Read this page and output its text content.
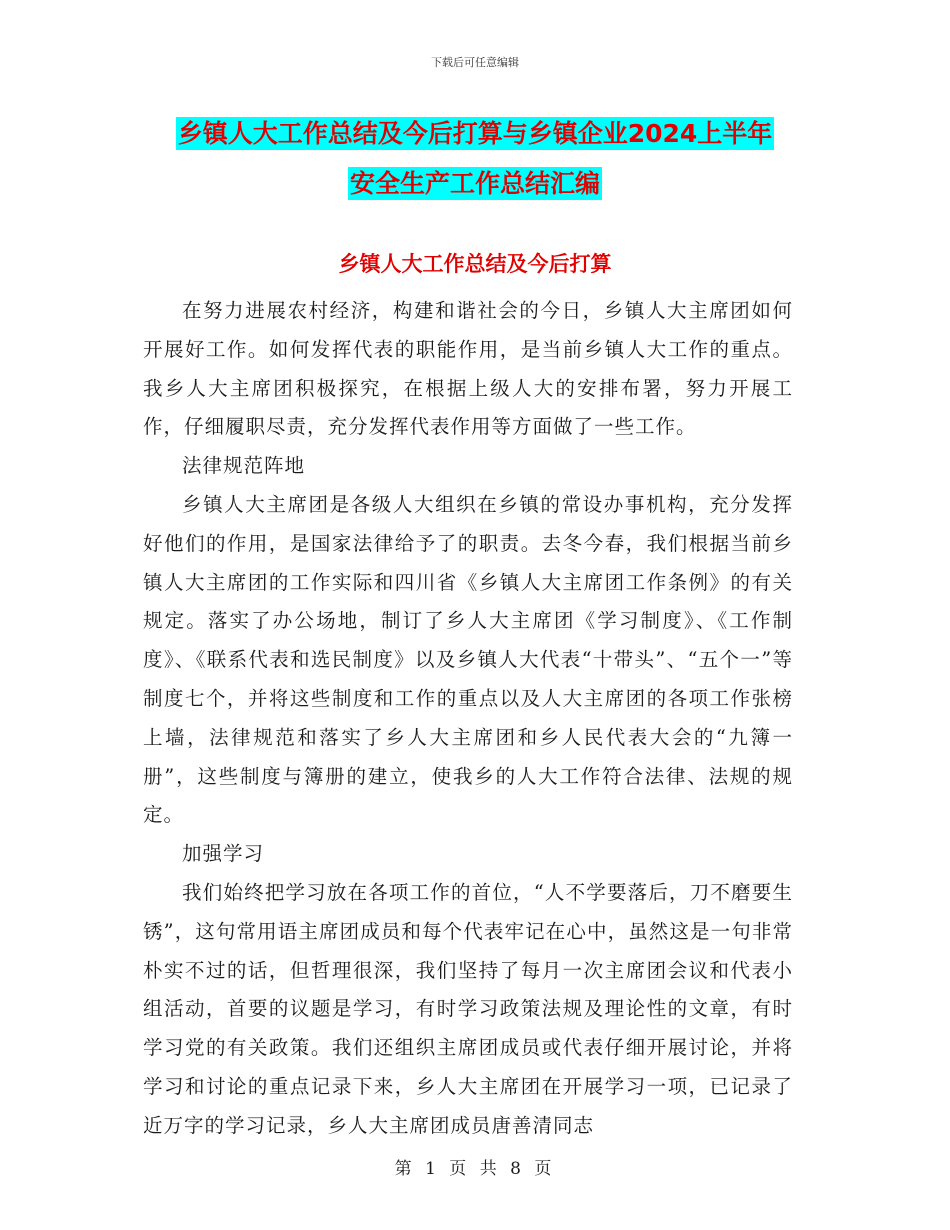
下载后可任意编辑
乡镇人大工作总结及今后打算与乡镇企业2024上半年
安全生产工作总结汇编
乡镇人大工作总结及今后打算

在努力进展农村经济，构建和谐社会的今日，乡镇人大主席团如何开展好工作。如何发挥代表的职能作用，是当前乡镇人大工作的重点。我乡人大主席团积极探究，在根据上级人大的安排布署，努力开展工作，仔细履职尽责，充分发挥代表作用等方面做了一些工作。

法律规范阵地

乡镇人大主席团是各级人大组织在乡镇的常设办事机构，充分发挥好他们的作用，是国家法律给予了的职责。去冬今春，我们根据当前乡镇人大主席团的工作实际和四川省《乡镇人大主席团工作条例》的有关规定。落实了办公场地，制订了乡人大主席团《学习制度》、《工作制度》、《联系代表和选民制度》以及乡镇人大代表“十带头”、“五个一”等制度七个，并将这些制度和工作的重点以及人大主席团的各项工作张榜上墙，法律规范和落实了乡人大主席团和乡人民代表大会的“九簿一册”，这些制度与簿册的建立，使我乡的人大工作符合法律、法规的规定。

加强学习

我们始终把学习放在各项工作的首位，“人不学要落后，刀不磨要生锈”，这句常用语主席团成员和每个代表牢记在心中，虽然这是一句非常朴实不过的话，但哲理很深，我们坚持了每月一次主席团会议和代表小组活动，首要的议题是学习，有时学习政策法规及理论性的文章，有时学习党的有关政策。我们还组织主席团成员或代表仔细开展讨论，并将学习和讨论的重点记录下来，乡人大主席团在开展学习一项，已记录了近万字的学习记录，乡人大主席团成员唐善清同志

第 1 页 共 8 页
